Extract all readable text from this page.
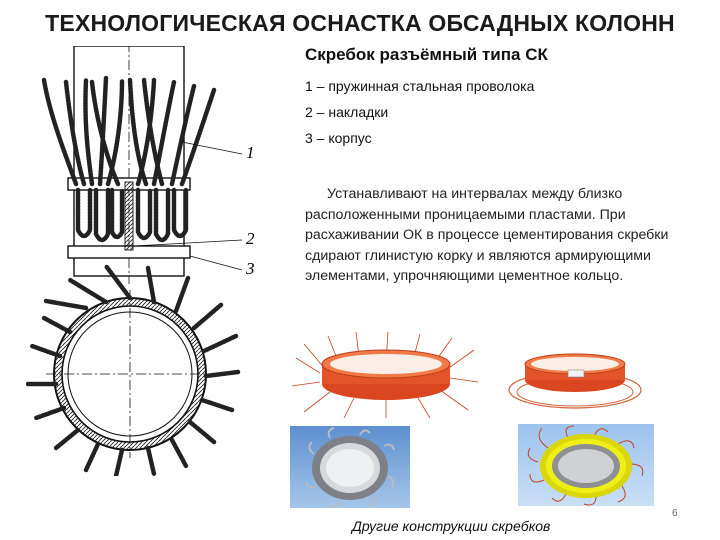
ТЕХНОЛОГИЧЕСКАЯ ОСНАСТКА ОБСАДНЫХ КОЛОНН
Скребок разъёмный типа СК
1 – пружинная стальная проволока
2 – накладки
3 – корпус
Устанавливают на интервалах между близко расположенными проницаемыми пластами. При расхаживании ОК в процессе цементирования скребки сдирают глинистую корку и являются армирующими элементами, упрочняющими цементное кольцо.
1
2
3
Другие конструкции скребков
6
